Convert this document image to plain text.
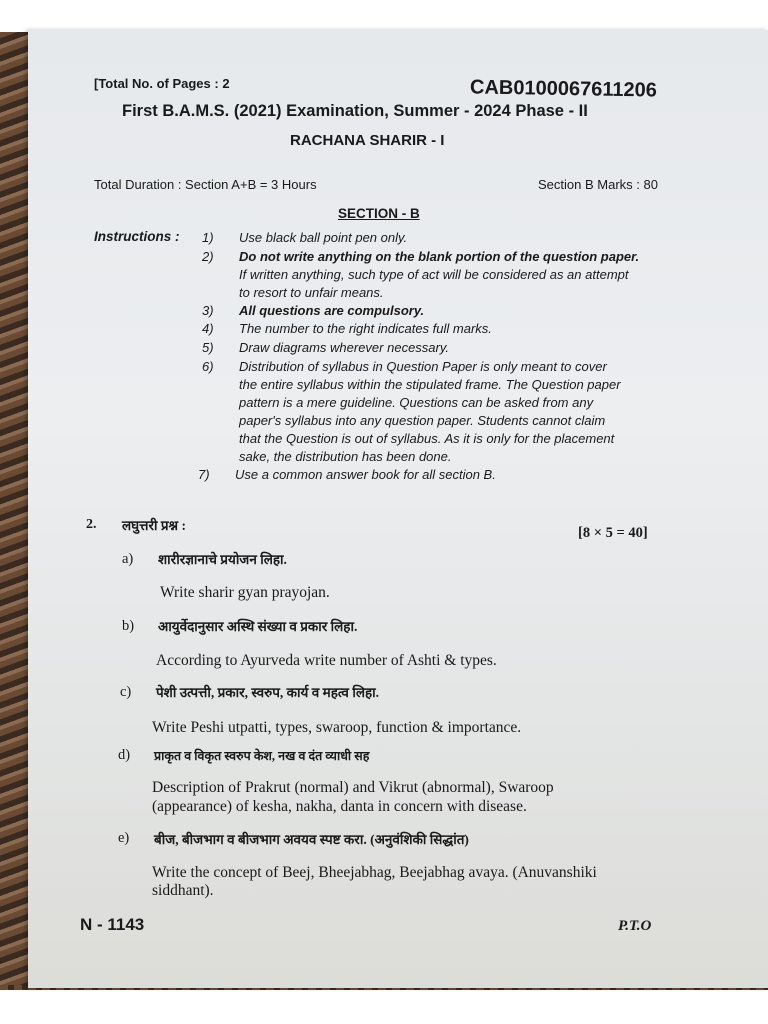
[Total No. of Pages : 2	CAB0100067611206
First B.A.M.S. (2021) Examination, Summer - 2024 Phase - II
RACHANA SHARIR - I
Total Duration : Section A+B = 3 Hours	Section B Marks : 80
SECTION - B
Instructions : 1) Use black ball point pen only.
2) Do not write anything on the blank portion of the question paper.
If written anything, such type of act will be considered as an attempt
to resort to unfair means.
3) All questions are compulsory.
4) The number to the right indicates full marks.
5) Draw diagrams wherever necessary.
6) Distribution of syllabus in Question Paper is only meant to cover
the entire syllabus within the stipulated frame. The Question paper
pattern is a mere guideline. Questions can be asked from any
paper's syllabus into any question paper. Students cannot claim
that the Question is out of syllabus. As it is only for the placement
sake, the distribution has been done.
7) Use a common answer book for all section B.
2. लघुत्तरी प्रश्न :	[8 × 5 = 40]
a) शारीरज्ञानाचे प्रयोजन लिहा.
Write sharir gyan prayojan.
b) आयुर्वेदानुसार अस्थि संख्या व प्रकार लिहा.
According to Ayurveda write number of Ashti & types.
c) पेशी उत्पत्ती, प्रकार, स्वरुप, कार्य व महत्व लिहा.
Write Peshi utpatti, types, swaroop, function & importance.
d) प्राकृत व विकृत स्वरुप केश, नख व दंत व्याधी सह
Description of Prakrut (normal) and Vikrut (abnormal), Swaroop
(appearance) of kesha, nakha, danta in concern with disease.
e) बीज, बीजभाग व बीजभाग अवयव स्पष्ट करा. (अनुवंशिकी सिद्धांत)
Write the concept of Beej, Bheejabhag, Beejabhag avaya. (Anuvanshiki
siddhant).
N - 1143	P.T.O
